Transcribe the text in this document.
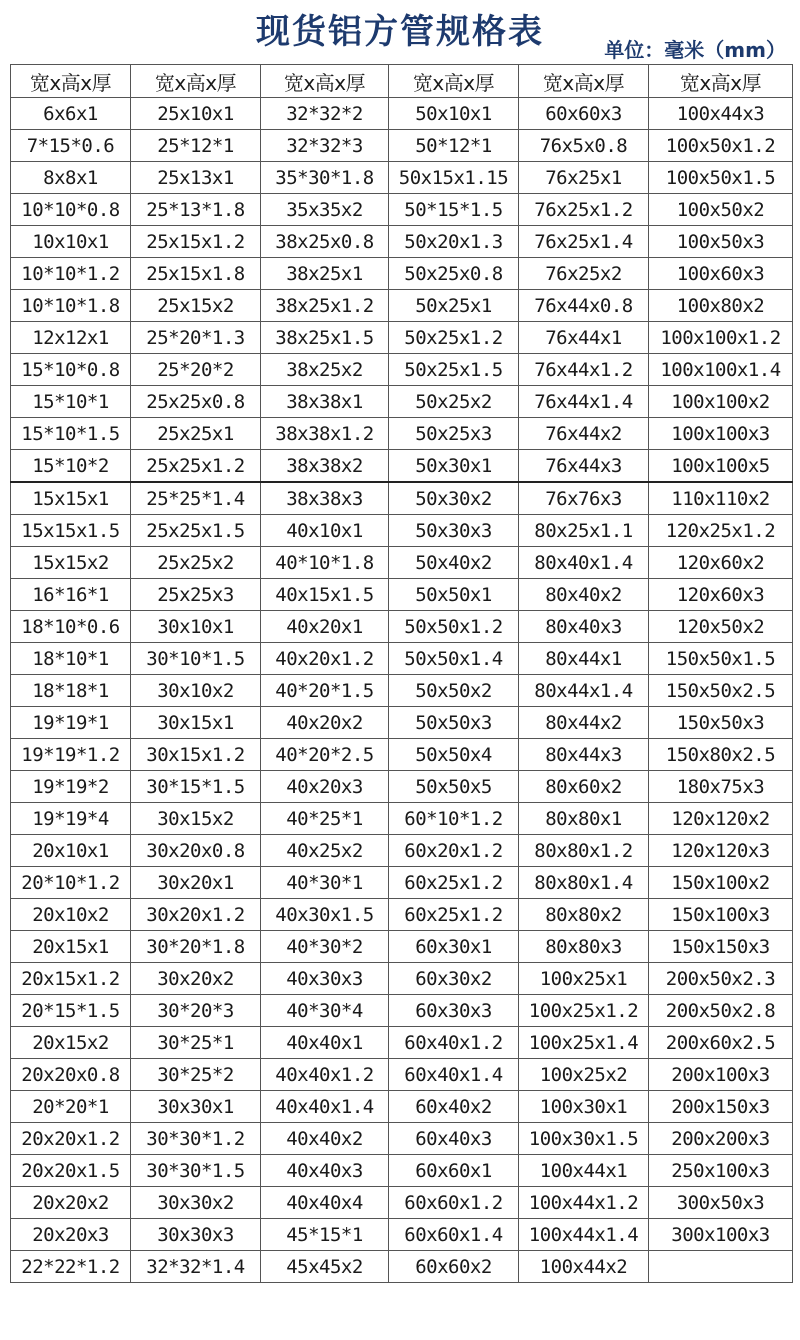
现货铝方管规格表	单位：毫米（mm）
宽x高x厚	宽x高x厚	宽x高x厚	宽x高x厚	宽x高x厚	宽x高x厚
6x6x1	25x10x1	32*32*2	50x10x1	60x60x3	100x44x3
7*15*0.6	25*12*1	32*32*3	50*12*1	76x5x0.8	100x50x1.2
8x8x1	25x13x1	35*30*1.8	50x15x1.15	76x25x1	100x50x1.5
10*10*0.8	25*13*1.8	35x35x2	50*15*1.5	76x25x1.2	100x50x2
10x10x1	25x15x1.2	38x25x0.8	50x20x1.3	76x25x1.4	100x50x3
10*10*1.2	25x15x1.8	38x25x1	50x25x0.8	76x25x2	100x60x3
10*10*1.8	25x15x2	38x25x1.2	50x25x1	76x44x0.8	100x80x2
12x12x1	25*20*1.3	38x25x1.5	50x25x1.2	76x44x1	100x100x1.2
15*10*0.8	25*20*2	38x25x2	50x25x1.5	76x44x1.2	100x100x1.4
15*10*1	25x25x0.8	38x38x1	50x25x2	76x44x1.4	100x100x2
15*10*1.5	25x25x1	38x38x1.2	50x25x3	76x44x2	100x100x3
15*10*2	25x25x1.2	38x38x2	50x30x1	76x44x3	100x100x5
15x15x1	25*25*1.4	38x38x3	50x30x2	76x76x3	110x110x2
15x15x1.5	25x25x1.5	40x10x1	50x30x3	80x25x1.1	120x25x1.2
15x15x2	25x25x2	40*10*1.8	50x40x2	80x40x1.4	120x60x2
16*16*1	25x25x3	40x15x1.5	50x50x1	80x40x2	120x60x3
18*10*0.6	30x10x1	40x20x1	50x50x1.2	80x40x3	120x50x2
18*10*1	30*10*1.5	40x20x1.2	50x50x1.4	80x44x1	150x50x1.5
18*18*1	30x10x2	40*20*1.5	50x50x2	80x44x1.4	150x50x2.5
19*19*1	30x15x1	40x20x2	50x50x3	80x44x2	150x50x3
19*19*1.2	30x15x1.2	40*20*2.5	50x50x4	80x44x3	150x80x2.5
19*19*2	30*15*1.5	40x20x3	50x50x5	80x60x2	180x75x3
19*19*4	30x15x2	40*25*1	60*10*1.2	80x80x1	120x120x2
20x10x1	30x20x0.8	40x25x2	60x20x1.2	80x80x1.2	120x120x3
20*10*1.2	30x20x1	40*30*1	60x25x1.2	80x80x1.4	150x100x2
20x10x2	30x20x1.2	40x30x1.5	60x25x1.2	80x80x2	150x100x3
20x15x1	30*20*1.8	40*30*2	60x30x1	80x80x3	150x150x3
20x15x1.2	30x20x2	40x30x3	60x30x2	100x25x1	200x50x2.3
20*15*1.5	30*20*3	40*30*4	60x30x3	100x25x1.2	200x50x2.8
20x15x2	30*25*1	40x40x1	60x40x1.2	100x25x1.4	200x60x2.5
20x20x0.8	30*25*2	40x40x1.2	60x40x1.4	100x25x2	200x100x3
20*20*1	30x30x1	40x40x1.4	60x40x2	100x30x1	200x150x3
20x20x1.2	30*30*1.2	40x40x2	60x40x3	100x30x1.5	200x200x3
20x20x1.5	30*30*1.5	40x40x3	60x60x1	100x44x1	250x100x3
20x20x2	30x30x2	40x40x4	60x60x1.2	100x44x1.2	300x50x3
20x20x3	30x30x3	45*15*1	60x60x1.4	100x44x1.4	300x100x3
22*22*1.2	32*32*1.4	45x45x2	60x60x2	100x44x2	
